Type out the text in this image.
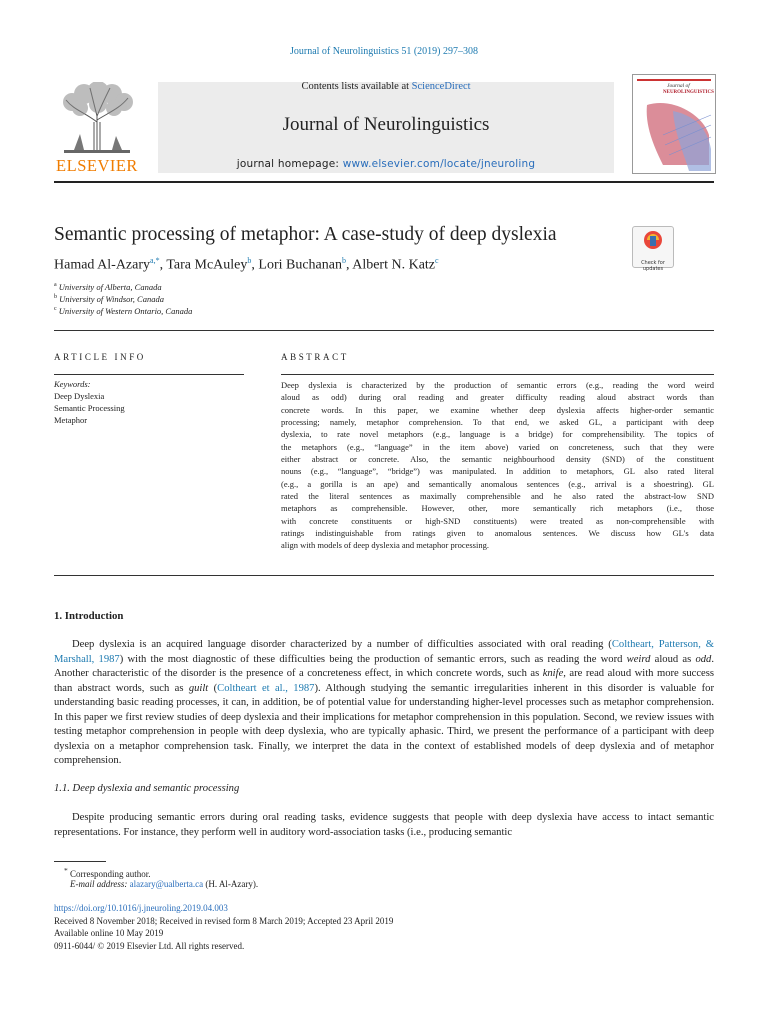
Journal of Neurolinguistics 51 (2019) 297–308
ELSEVIER
Contents lists available at ScienceDirect
Journal of Neurolinguistics
journal homepage: www.elsevier.com/locate/jneuroling
Journal of
NEUROLINGUISTICS
Semantic processing of metaphor: A case-study of deep dyslexia
Check for updates
Hamad Al-Azary$^{a,*}$, Tara McAuley$^b$, Lori Buchanan$^b$, Albert N. Katz$^c$
$^a$ University of Alberta, Canada
$^b$ University of Windsor, Canada
$^c$ University of Western Ontario, Canada
ARTICLE INFO
Keywords:
Deep Dyslexia
Semantic Processing
Metaphor
ABSTRACT
Deep dyslexia is characterized by the production of semantic errors (e.g., reading the word weird
aloud as odd) during oral reading and greater difficulty reading aloud abstract words than
concrete words. In this paper, we examine whether deep dyslexia affects higher-order semantic
processing; namely, metaphor comprehension. To that end, we asked GL, a participant with deep
dyslexia, to rate novel metaphors (e.g., language is a bridge) for comprehensibility. The topics of
the metaphors (e.g., “language” in the item above) varied on concreteness, such that they were
either abstract or concrete. Also, the semantic neighbourhood density (SND) of the constituent
nouns (e.g., “language”, “bridge”) was manipulated. In addition to metaphors, GL also rated literal
(e.g., a gorilla is an ape) and semantically anomalous sentences (e.g., arrival is a shoestring). GL
rated the literal sentences as maximally comprehensible and he also rated the abstract-low SND
metaphors as comprehensible. However, other, more semantically rich metaphors (i.e., those
with concrete constituents or high-SND constituents) were treated as non-comprehensible with
ratings indistinguishable from ratings given to anomalous sentences. We discuss how GL's data
align with models of deep dyslexia and metaphor processing.
1. Introduction
Deep dyslexia is an acquired language disorder characterized by a number of difficulties associated with oral reading (Coltheart, Patterson, & Marshall, 1987) with the most diagnostic of these difficulties being the production of semantic errors, such as reading the word weird aloud as odd. Another characteristic of the disorder is the presence of a concreteness effect, in which concrete words, such as knife, are read aloud with more success than abstract words, such as guilt (Coltheart et al., 1987). Although studying the semantic irregularities inherent in this disorder is valuable for understanding basic reading processes, it can, in addition, be of potential value for understanding higher-level processes such as metaphor comprehension. In this paper we first review studies of deep dyslexia and their implications for metaphor comprehension in this population. Second, we review issues with testing metaphor comprehension in people with deep dyslexia, who are typically aphasic. Third, we present the performance of a participant with deep dyslexia on a metaphor comprehension task. Finally, we interpret the data in the context of established models of deep dyslexia and of metaphor comprehension.
1.1. Deep dyslexia and semantic processing
Despite producing semantic errors during oral reading tasks, evidence suggests that people with deep dyslexia have access to intact semantic representations. For instance, they perform well in auditory word-association tasks (i.e., producing semantic
* Corresponding author.
E-mail address: alazary@ualberta.ca (H. Al-Azary).
https://doi.org/10.1016/j.jneuroling.2019.04.003
Received 8 November 2018; Received in revised form 8 March 2019; Accepted 23 April 2019
Available online 10 May 2019
0911-6044/ © 2019 Elsevier Ltd. All rights reserved.
